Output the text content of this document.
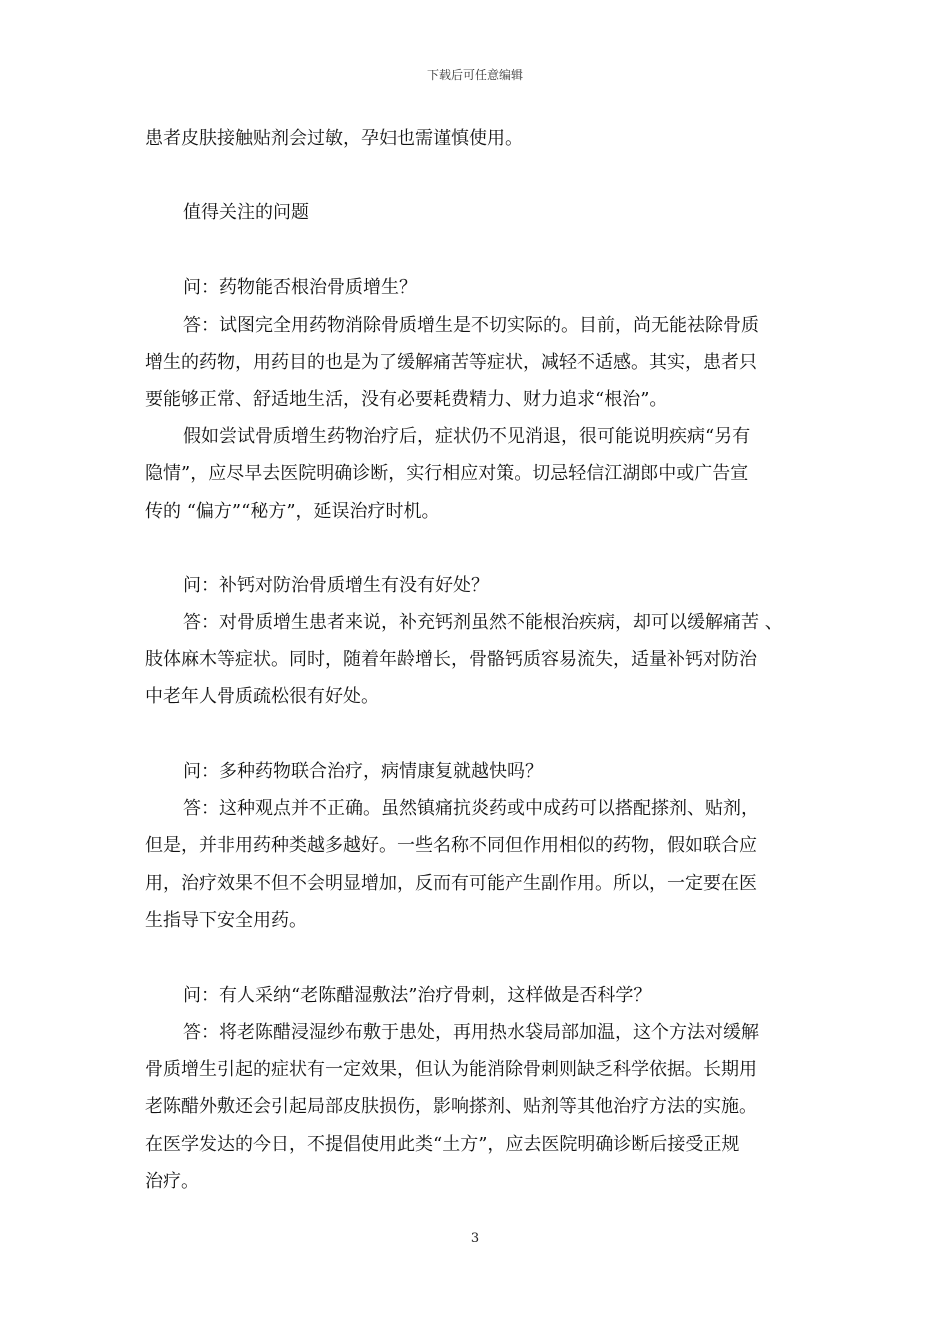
下载后可任意编辑
患者皮肤接触贴剂会过敏，孕妇也需谨慎使用。
值得关注的问题
问：药物能否根治骨质增生？
答：试图完全用药物消除骨质增生是不切实际的。目前，尚无能祛除骨质
增生的药物，用药目的也是为了缓解痛苦等症状，减轻不适感。其实，患者只
要能够正常、舒适地生活，没有必要耗费精力、财力追求“根治”。
假如尝试骨质增生药物治疗后，症状仍不见消退，很可能说明疾病“另有
隐情”，应尽早去医院明确诊断，实行相应对策。切忌轻信江湖郎中或广告宣
传的 “偏方”“秘方”，延误治疗时机。
问：补钙对防治骨质增生有没有好处？
答：对骨质增生患者来说，补充钙剂虽然不能根治疾病，却可以缓解痛苦 、
肢体麻木等症状。同时，随着年龄增长，骨骼钙质容易流失，适量补钙对防治
中老年人骨质疏松很有好处。
问：多种药物联合治疗，病情康复就越快吗？
答：这种观点并不正确。虽然镇痛抗炎药或中成药可以搭配搽剂、贴剂，
但是，并非用药种类越多越好。一些名称不同但作用相似的药物，假如联合应
用，治疗效果不但不会明显增加，反而有可能产生副作用。所以，一定要在医
生指导下安全用药。
问：有人采纳“老陈醋湿敷法”治疗骨刺，这样做是否科学？
答：将老陈醋浸湿纱布敷于患处，再用热水袋局部加温，这个方法对缓解
骨质增生引起的症状有一定效果，但认为能消除骨刺则缺乏科学依据。长期用
老陈醋外敷还会引起局部皮肤损伤，影响搽剂、贴剂等其他治疗方法的实施。
在医学发达的今日，不提倡使用此类“土方”，应去医院明确诊断后接受正规
治疗。
3
